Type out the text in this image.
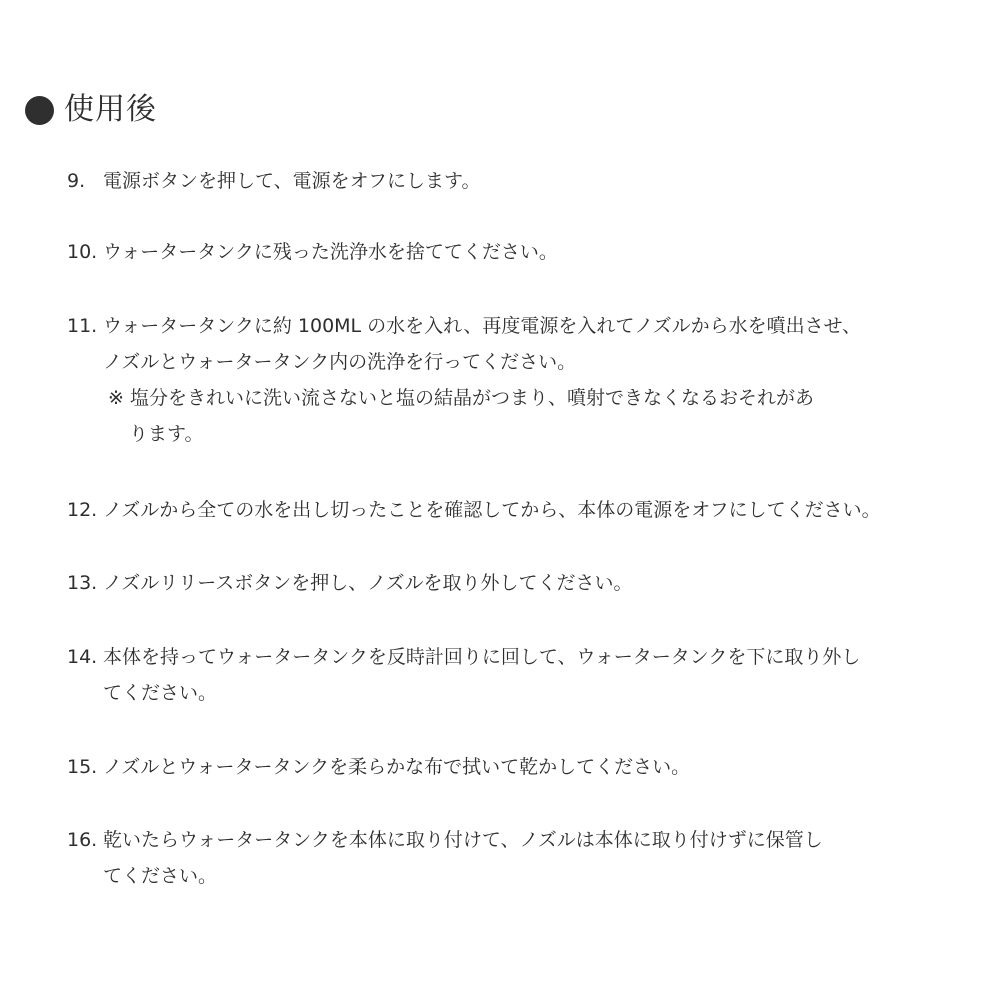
使用後
9. 電源ボタンを押して、電源をオフにします。
10. ウォータータンクに残った洗浄水を捨ててください。
11. ウォータータンクに約 100ML の水を入れ、再度電源を入れてノズルから水を噴出させ、
ノズルとウォータータンク内の洗浄を行ってください。
※ 塩分をきれいに洗い流さないと塩の結晶がつまり、噴射できなくなるおそれがあ
ります。
12. ノズルから全ての水を出し切ったことを確認してから、本体の電源をオフにしてください。
13. ノズルリリースボタンを押し、ノズルを取り外してください。
14. 本体を持ってウォータータンクを反時計回りに回して、ウォータータンクを下に取り外し
てください。
15. ノズルとウォータータンクを柔らかな布で拭いて乾かしてください。
16. 乾いたらウォータータンクを本体に取り付けて、ノズルは本体に取り付けずに保管し
てください。
